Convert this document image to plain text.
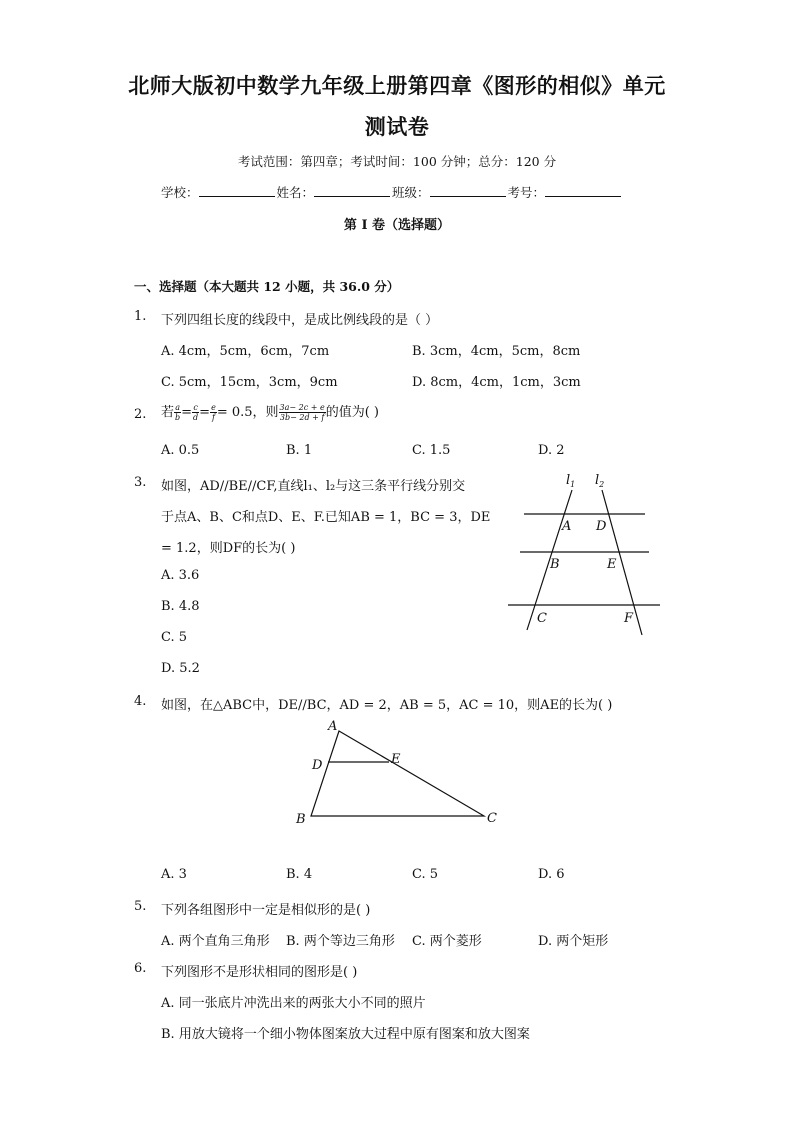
北师大版初中数学九年级上册第四章《图形的相似》单元
测试卷
考试范围：第四章；考试时间：100 分钟；总分：120 分
学校：	姓名：	班级：	考号：
第 I 卷（选择题）
一、选择题（本大题共 12 小题，共 36.0 分）
1. 下列四组长度的线段中，是成比例线段的是（ ）
A. 4cm，5cm，6cm，7cm	B. 3cm，4cm，5cm，8cm
C. 5cm，15cm，3cm，9cm	D. 8cm，4cm，1cm，3cm
2. 若 $\frac{a}{b} = \frac{c}{d} = \frac{e}{f} = 0.5$，则 $\frac{3a- 2c + e}{3b- 2d + f}$ 的值为( )
A. 0.5	B. 1	C. 1.5	D. 2
3. 如图，AD//BE//CF,直线l₁、l₂与这三条平行线分别交
于点A、B、C和点D、E、F.已知AB = 1，BC = 3，DE
= 1.2，则DF的长为( )
A. 3.6
B. 4.8
C. 5
D. 5.2
$l_1$ $l_2$
A D
B	E
C	F
4. 如图，在△ABC中，DE//BC，AD = 2，AB = 5，AC = 10，则AE的长为( )
A
D	E
B	C
A. 3	B. 4	C. 5	D. 6
5. 下列各组图形中一定是相似形的是( )
A. 两个直角三角形 B. 两个等边三角形 C. 两个菱形	D. 两个矩形
6. 下列图形不是形状相同的图形是( )
A. 同一张底片冲洗出来的两张大小不同的照片
B. 用放大镜将一个细小物体图案放大过程中原有图案和放大图案
